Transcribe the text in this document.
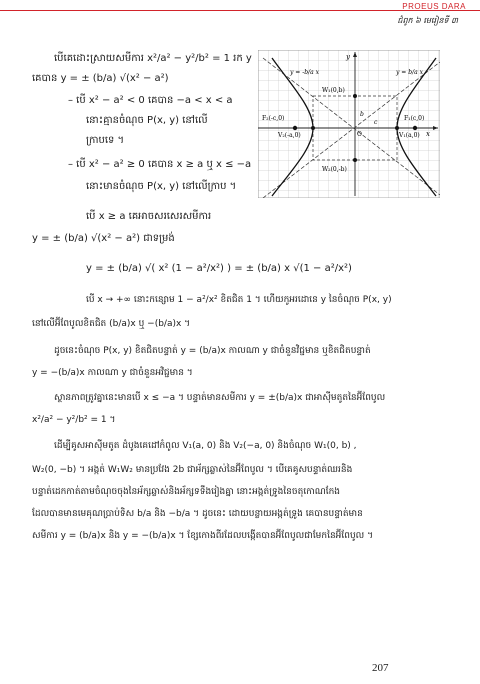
PROEUS DARA
ជំពូក ៦ មេរៀនទី ៣
x
y
O
y = -b/a x	y = b/a x
W₁(0,b)
W₂(0,-b)
F₁(c,0)
F₂(-c,0)
V₁(a,0)
V₂(-a,0)
b
c
បើគេដោះស្រាយសមីការ x²/a² − y²/b² = 1 រក y
គេបាន y = ± (b/a) √(x² − a²)
– បើ x² − a² < 0 គេបាន −a < x < a
នោះគ្មានចំណុច P(x, y) នៅលើ
ក្រាបទេ ។
– បើ x² − a² ≥ 0 គេបាន x ≥ a ឬ x ≤ −a
នោះមានចំណុច P(x, y) នៅលើក្រាប ។
បើ x ≥ a គេអាចសរសេរសមីការ
y = ± (b/a) √(x² − a²) ជាទម្រង់
y = ± (b/a) √( x² (1 − a²/x²) ) = ± (b/a) x √(1 − a²/x²)
បើ x → +∞ នោះកន្សោម 1 − a²/x² ខិតជិត 1 ។ ហើយកូអរដោនេ y នៃចំណុច P(x, y)
នៅលើអ៊ីពែបូលខិតជិត (b/a)x ឬ −(b/a)x ។
ដូចនេះចំណុច P(x, y) ខិតជិតបន្ទាត់ y = (b/a)x កាលណា y ជាចំនួនវិជ្ជមាន ឬខិតជិតបន្ទាត់
y = −(b/a)x កាលណា y ជាចំនួនអវិជ្ជមាន ។
ស្ថានភាពត្រូវគ្នានេះមានបើ x ≤ −a ។ បន្ទាត់មានសមីការ y = ±(b/a)x ជាអាស៊ីមតូតនៃអ៊ីពែបូល
x²/a² − y²/b² = 1 ។
ដើម្បីគូសអាស៊ីមតូត ដំបូងគេដៅកំពូល V₁(a, 0) និង V₂(−a, 0) និងចំណុច W₁(0, b) ,
W₂(0, −b) ។ អង្កត់ W₁W₂ មានប្រវែង 2b ជាអ័ក្សឆ្លាស់នៃអ៊ីពែបូល ។ បើគេគូសបន្ទាត់ឈរនិង
បន្ទាត់ដេកកាត់តាមចំណុចចុងនៃអ័ក្សឆ្លាស់និងអ័ក្សទទឹងរៀងគ្នា នោះអង្កត់ទ្រូងនៃចតុកោណកែង
ដែលបានមានមេគុណប្រាប់ទិស b/a និង −b/a ។ ដូចនេះ ដោយបន្លាយអង្កត់ទ្រូង គេបានបន្ទាត់មាន
សមីការ y = (b/a)x និង y = −(b/a)x ។ ខ្សែកោងពីរដែលបង្កើតបានអ៊ីពែបូលជាមែកនៃអ៊ីពែបូល ។
207
